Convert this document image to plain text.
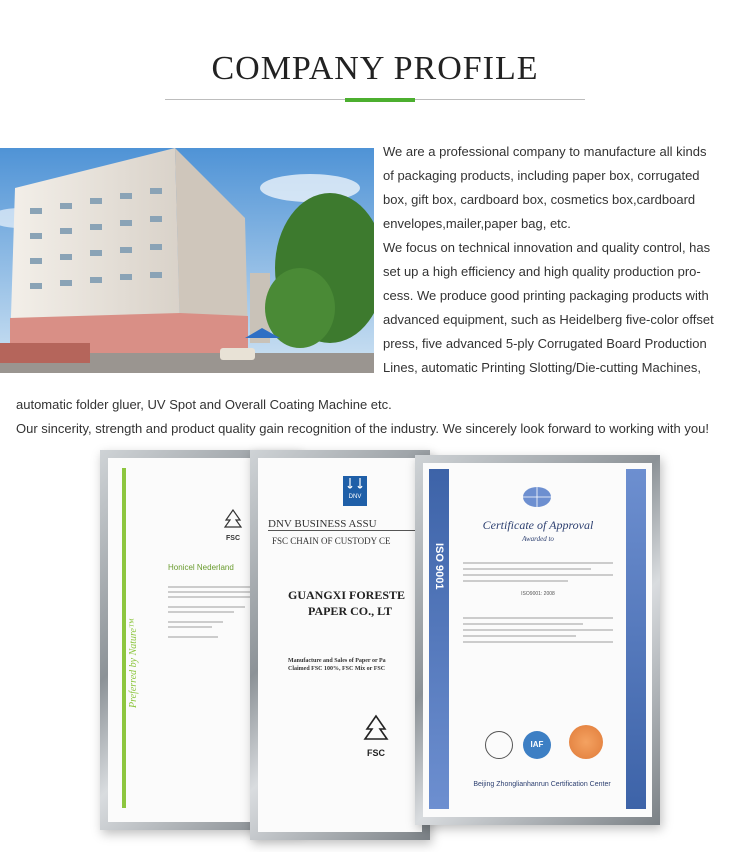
COMPANY PROFILE

We are a professional company to manufacture all kinds

of packaging products, including paper box, corrugated

box, gift box, cardboard box, cosmetics box,cardboard

envelopes,mailer,paper bag, etc.

We focus on technical innovation and quality control, has

set up a high efficiency and high quality production pro-

cess. We produce good printing packaging products with

advanced equipment, such as Heidelberg five-color offset

press, five advanced 5-ply Corrugated Board Production

Lines, automatic Printing Slotting/Die-cutting Machines,

automatic folder gluer, UV Spot and Overall Coating Machine etc.

Our sincerity, strength and product quality gain recognition of the industry. We sincerely look forward to working with you!

Preferred by Nature™
FSC
Honicel Nederland
DNV
DNV BUSINESS ASSU
FSC CHAIN OF CUSTODY CE
GUANGXI FORESTE
PAPER CO., LT
Manufacture and Sales of Paper or Pa
Claimed FSC 100%, FSC Mix or FSC
FSC
ISO 9001
Certificate of Approval
Awarded to
ISO9001: 2008
IAF
Beijing Zhonglianhanrun Certification Center
